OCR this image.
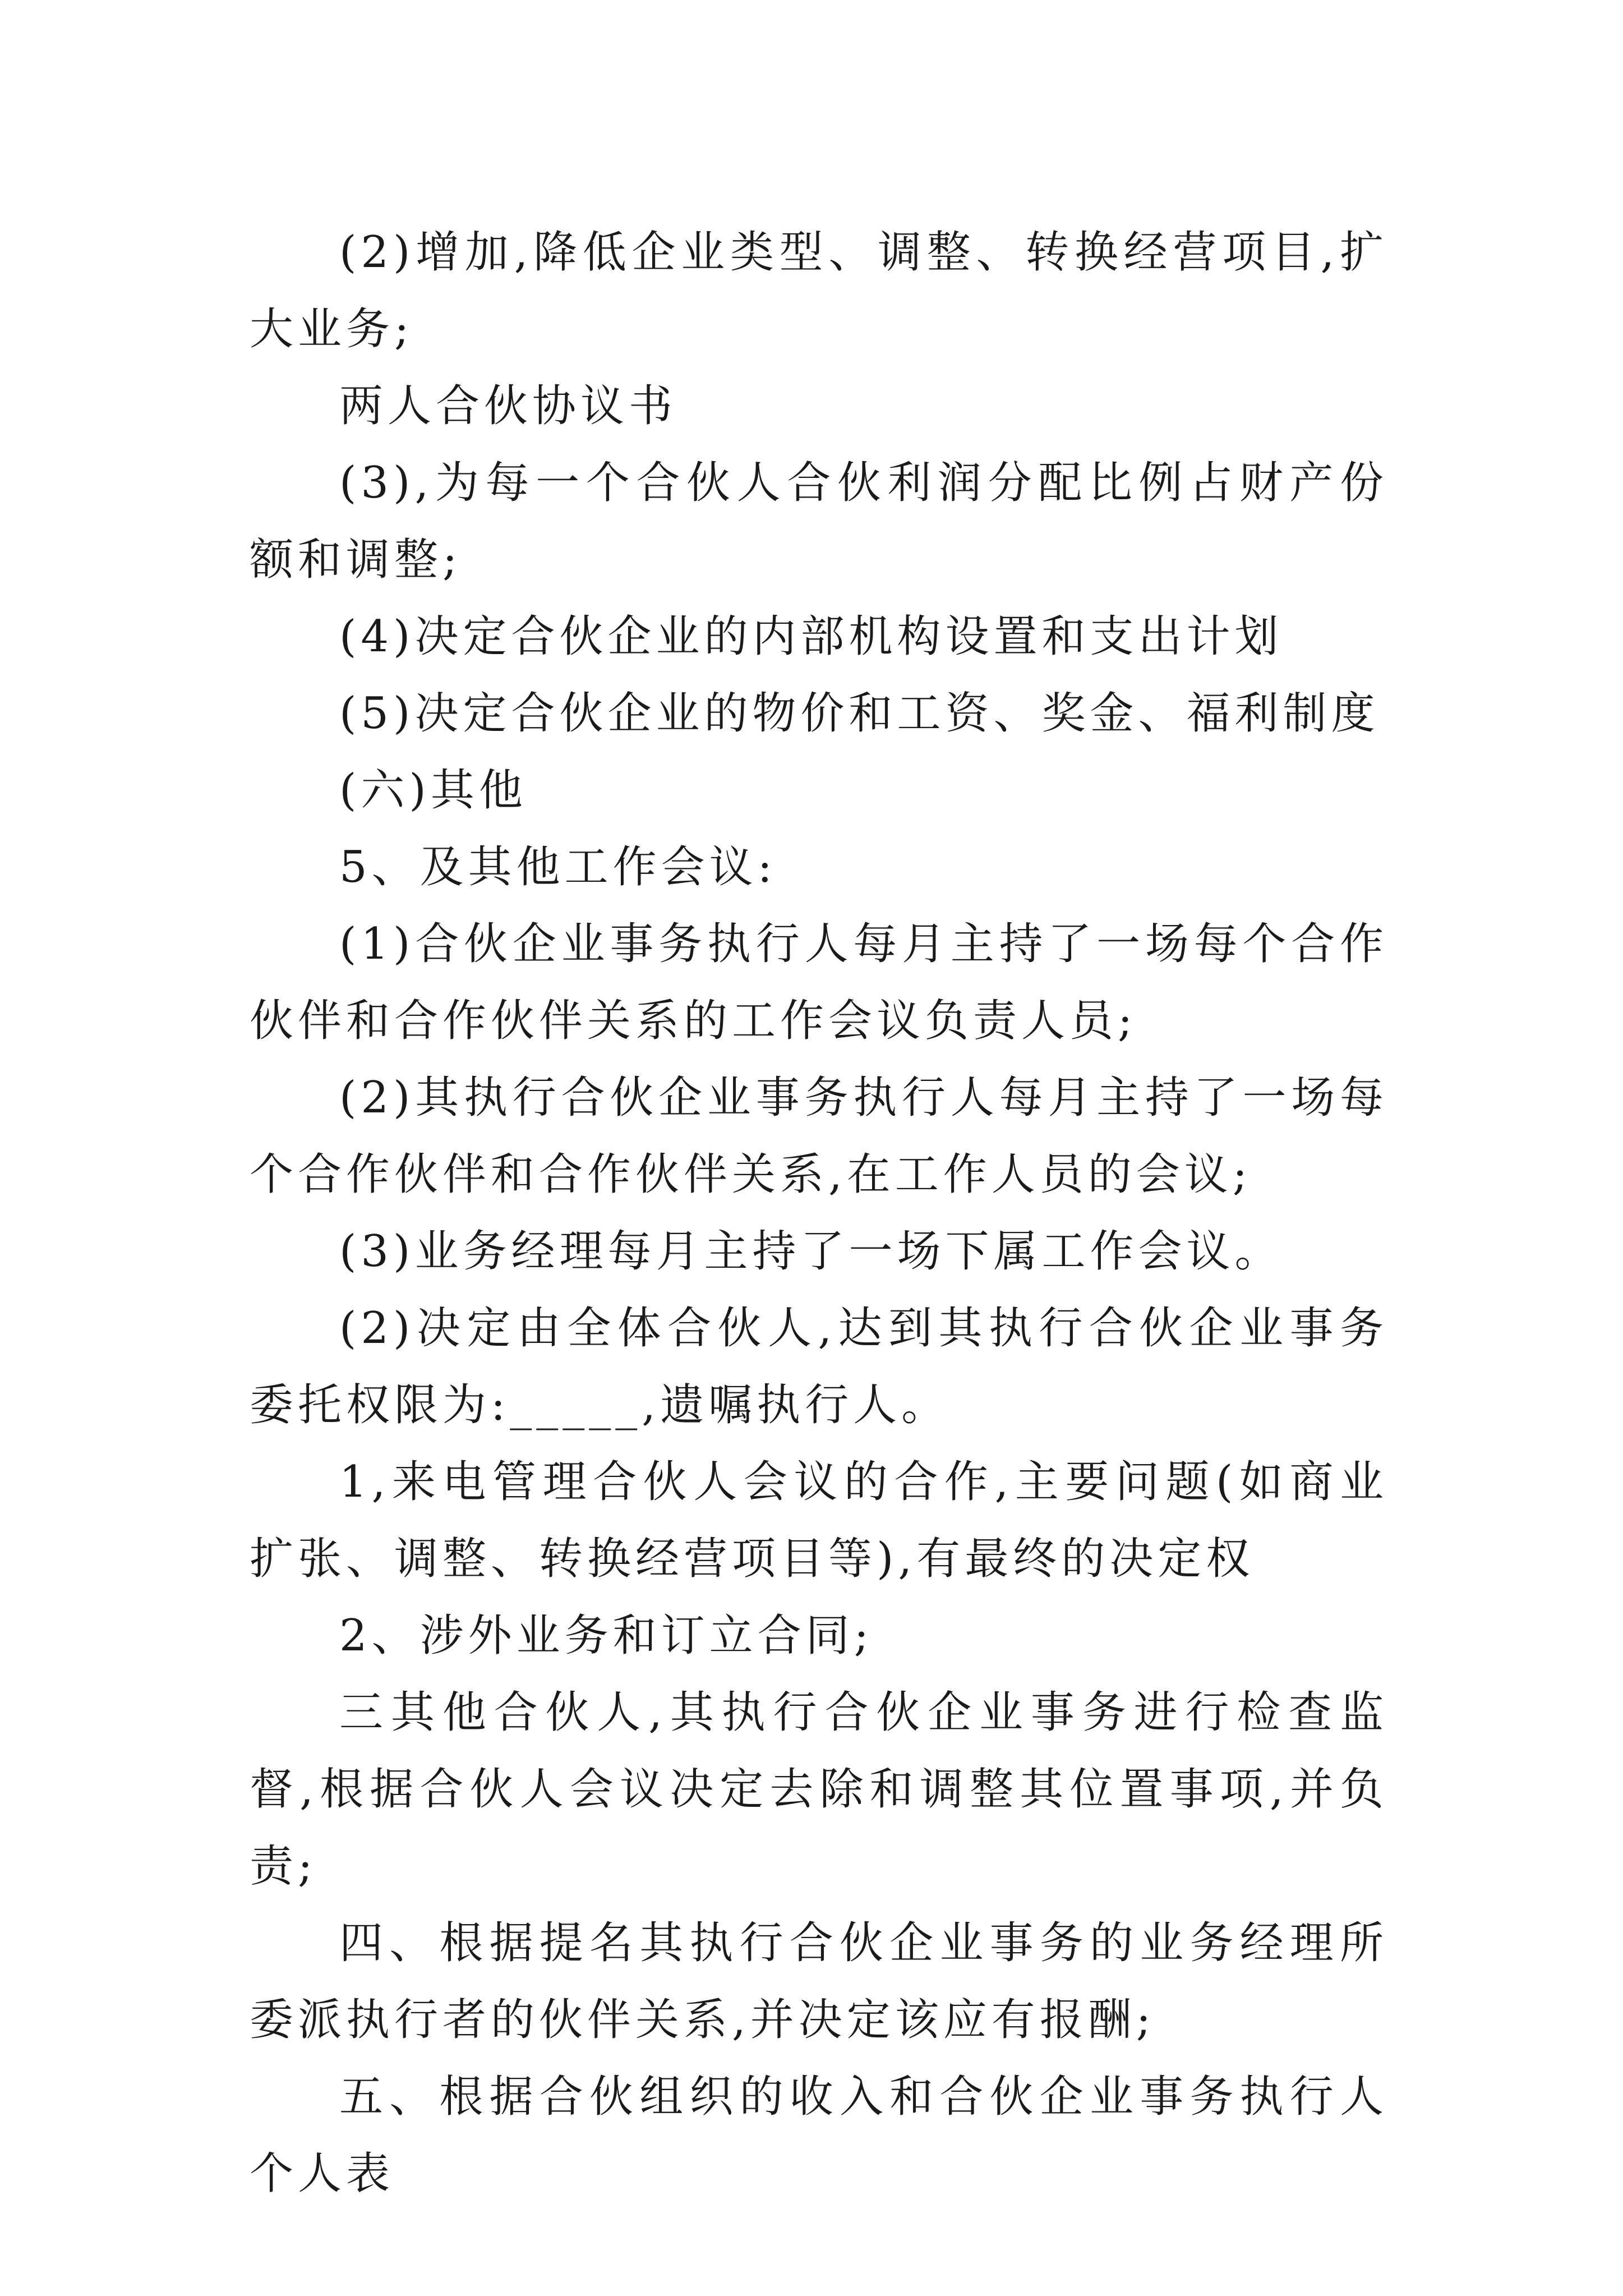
(2)增加,降低企业类型、调整、转换经营项目,扩大业务;

两人合伙协议书

(3),为每一个合伙人合伙利润分配比例占财产份额和调整;

(4)决定合伙企业的内部机构设置和支出计划

(5)决定合伙企业的物价和工资、奖金、福利制度

(六)其他

5、及其他工作会议:

(1)合伙企业事务执行人每月主持了一场每个合作伙伴和合作伙伴关系的工作会议负责人员;

(2)其执行合伙企业事务执行人每月主持了一场每个合作伙伴和合作伙伴关系,在工作人员的会议;

(3)业务经理每月主持了一场下属工作会议。

(2)决定由全体合伙人,达到其执行合伙企业事务委托权限为:_____,遗嘱执行人。

1,来电管理合伙人会议的合作,主要问题(如商业扩张、调整、转换经营项目等),有最终的决定权

2、涉外业务和订立合同;

三其他合伙人,其执行合伙企业事务进行检查监督,根据合伙人会议决定去除和调整其位置事项,并负责;

四、根据提名其执行合伙企业事务的业务经理所委派执行者的伙伴关系,并决定该应有报酬;

五、根据合伙组织的收入和合伙企业事务执行人个人表
